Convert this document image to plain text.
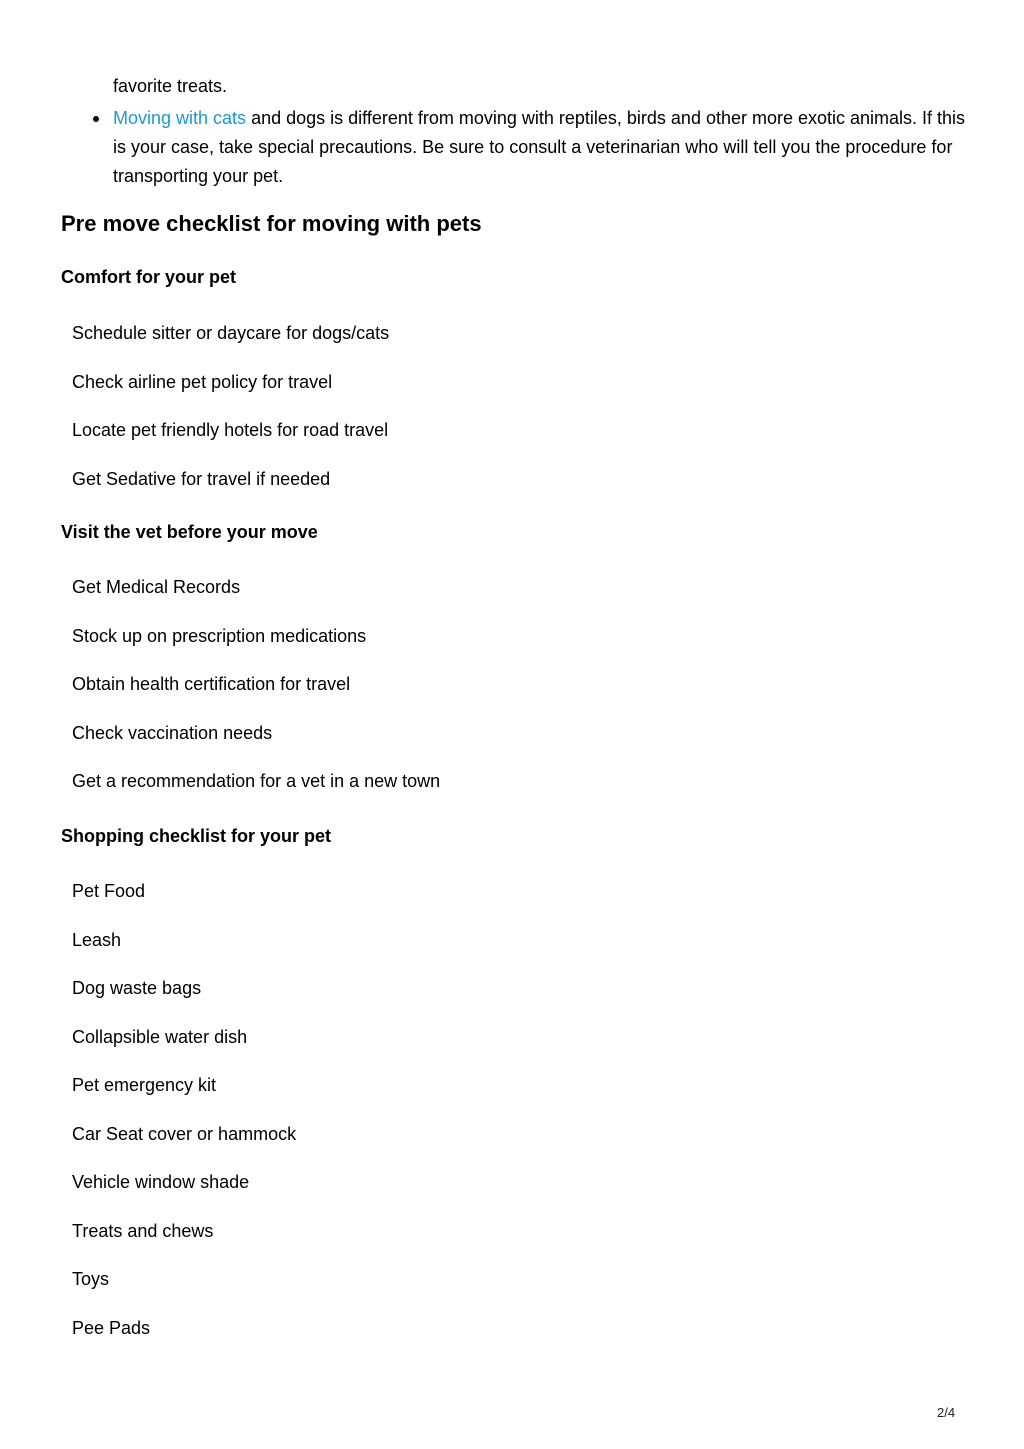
favorite treats.
Moving with cats and dogs is different from moving with reptiles, birds and other more exotic animals. If this is your case, take special precautions. Be sure to consult a veterinarian who will tell you the procedure for transporting your pet.
Pre move checklist for moving with pets
Comfort for your pet
Schedule sitter or daycare for dogs/cats
Check airline pet policy for travel
Locate pet friendly hotels for road travel
Get Sedative for travel if needed
Visit the vet before your move
Get Medical Records
Stock up on prescription medications
Obtain health certification for travel
Check vaccination needs
Get a recommendation for a vet in a new town
Shopping checklist for your pet
Pet Food
Leash
Dog waste bags
Collapsible water dish
Pet emergency kit
Car Seat cover or hammock
Vehicle window shade
Treats and chews
Toys
Pee Pads
2/4
